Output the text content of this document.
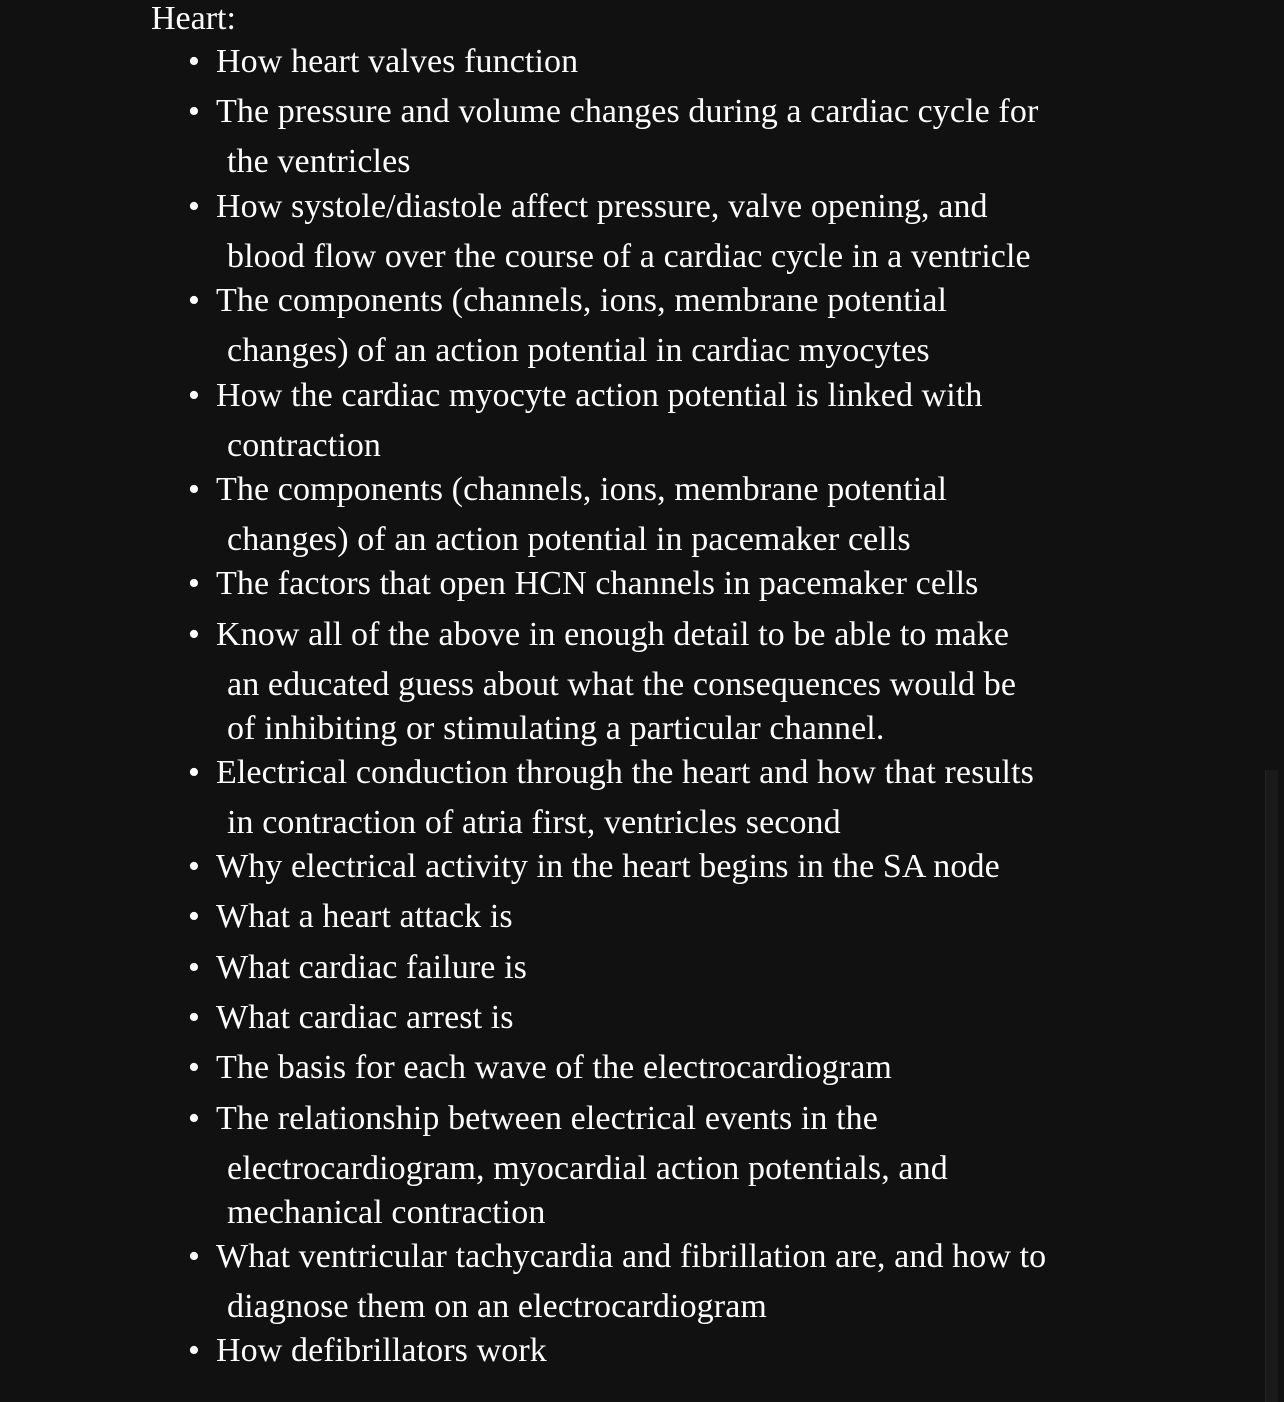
Heart:
• How heart valves function
• The pressure and volume changes during a cardiac cycle for
the ventricles
• How systole/diastole affect pressure, valve opening, and
blood flow over the course of a cardiac cycle in a ventricle
• The components (channels, ions, membrane potential
changes) of an action potential in cardiac myocytes
• How the cardiac myocyte action potential is linked with
contraction
• The components (channels, ions, membrane potential
changes) of an action potential in pacemaker cells
• The factors that open HCN channels in pacemaker cells
• Know all of the above in enough detail to be able to make
an educated guess about what the consequences would be
of inhibiting or stimulating a particular channel.
• Electrical conduction through the heart and how that results
in contraction of atria first, ventricles second
• Why electrical activity in the heart begins in the SA node
• What a heart attack is
• What cardiac failure is
• What cardiac arrest is
• The basis for each wave of the electrocardiogram
• The relationship between electrical events in the
electrocardiogram, myocardial action potentials, and
mechanical contraction
• What ventricular tachycardia and fibrillation are, and how to
diagnose them on an electrocardiogram
• How defibrillators work
